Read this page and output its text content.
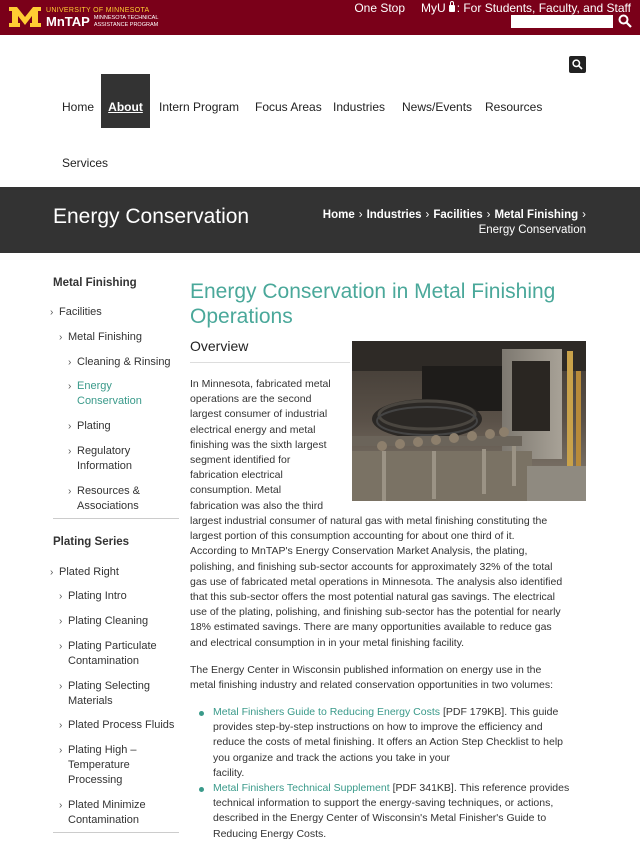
UNIVERSITY OF MINNESOTA
MnTAP MINNESOTA TECHNICAL ASSISTANCE PROGRAM
One Stop MyU : For Students, Faculty, and Staff
Home	About	Intern Program Focus Areas Industries News/Events Resources
Services
Energy Conservation	Home › Industries › Facilities › Metal Finishing ›
Energy Conservation
Metal Finishing
› Facilities
› Metal Finishing
› Cleaning & Rinsing
› Energy
Conservation
› Plating
› Regulatory
Information
› Resources &
Associations
Plating Series
› Plated Right
› Plating Intro
› Plating Cleaning
› Plating Particulate
Contamination
› Plating Selecting
Materials
› Plated Process Fluids
› Plating High –
Temperature
Processing
› Plated Minimize
Contamination
Energy Conservation in Metal Finishing
Operations
Overview
In Minnesota, fabricated metal
operations are the second
largest consumer of industrial
electrical energy and metal
finishing was the sixth largest
segment identified for
fabrication electrical
consumption. Metal
fabrication was also the third
largest industrial consumer of natural gas with metal finishing constituting the
largest portion of this consumption accounting for about one third of it.
According to MnTAP's Energy Conservation Market Analysis, the plating,
polishing, and finishing sub-sector accounts for approximately 32% of the total
gas use of fabricated metal operations in Minnesota. The analysis also identified
that this sub-sector offers the most potential natural gas savings. The electrical
use of the plating, polishing, and finishing sub-sector has the potential for nearly
18% estimated savings. There are many opportunities available to reduce gas
and electrical consumption in in your metal finishing facility.
The Energy Center in Wisconsin published information on energy use in the
metal finishing industry and related conservation opportunities in two volumes:
Metal Finishers Guide to Reducing Energy Costs [PDF 179KB]. This guide
provides step-by-step instructions on how to improve the efficiency and
reduce the costs of metal finishing. It offers an Action Step Checklist to help
you organize and track the actions you take in your
facility.
Metal Finishers Technical Supplement [PDF 341KB]. This reference provides
technical information to support the energy-saving techniques, or actions,
described in the Energy Center of Wisconsin's Metal Finisher's Guide to
Reducing Energy Costs.
